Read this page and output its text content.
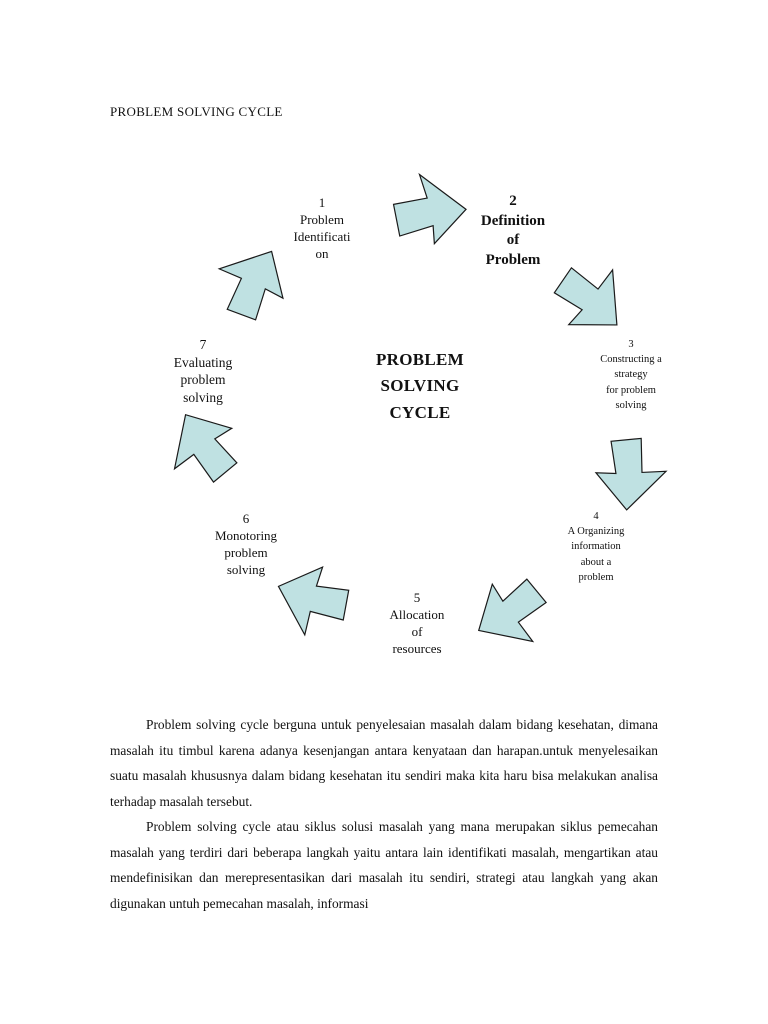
PROBLEM SOLVING CYCLE
1
Problem
Identificati
on
2
Definition
of
Problem
3
Constructing a
strategy
for problem
solving
4
A Organizing
information
about a
problem
5
Allocation
of
resources
6
Monotoring
problem
solving
7
Evaluating
problem
solving
PROBLEM
SOLVING
CYCLE

Problem solving cycle berguna untuk penyelesaian masalah dalam bidang kesehatan, dimana masalah itu timbul karena adanya kesenjangan antara kenyataan dan harapan.untuk menyelesaikan suatu masalah khususnya dalam bidang kesehatan itu sendiri maka kita haru bisa melakukan analisa terhadap masalah tersebut.

Problem solving cycle atau siklus solusi masalah yang mana merupakan siklus pemecahan masalah yang terdiri dari beberapa langkah yaitu antara lain identifikati masalah, mengartikan atau mendefinisikan dan merepresentasikan dari masalah itu sendiri, strategi atau langkah yang akan digunakan untuh pemecahan masalah, informasi
